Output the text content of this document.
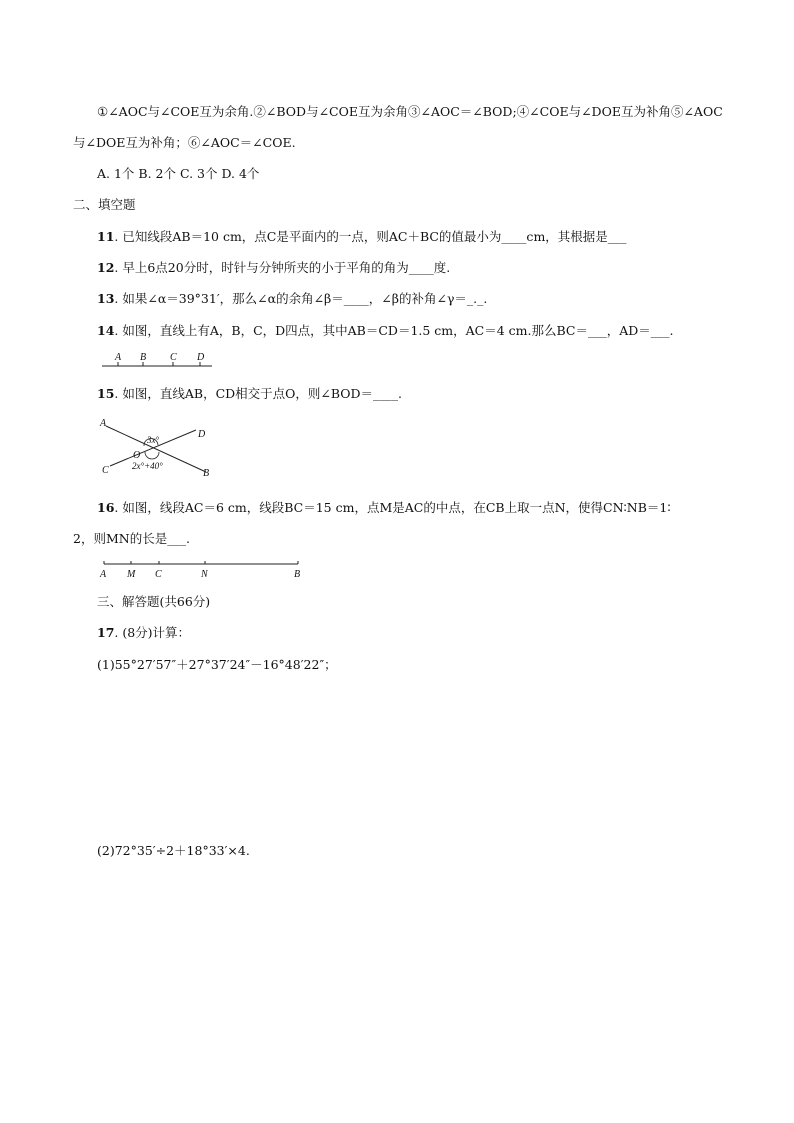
①∠AOC与∠COE互为余角.②∠BOD与∠COE互为余角③∠AOC＝∠BOD;④∠COE与∠DOE互为补角⑤∠AOC
与∠DOE互为补角；⑥∠AOC＝∠COE.
A. 1个 B. 2个 C. 3个 D. 4个
二、填空题
11. 已知线段AB＝10 cm，点C是平面内的一点，则AC＋BC的值最小为____cm，其根据是___
12. 早上6点20分时，时针与分钟所夹的小于平角的角为____度.
13. 如果∠α＝39°31′，那么∠α的余角∠β＝____，∠β的补角∠γ＝_._.
14. 如图，直线上有A，B，C，D四点，其中AB＝CD＝1.5 cm，AC＝4 cm.那么BC＝___，AD＝___.
A B C D
15. 如图，直线AB，CD相交于点O，则∠BOD＝____.
A
D
C	B
O
3x°
2x°+40°
16. 如图，线段AC＝6 cm，线段BC＝15 cm，点M是AC的中点，在CB上取一点N，使得CN∶NB＝1∶
2，则MN的长是___.
A M C	N	B
三、解答题(共66分)
17. (8分)计算：
(1)55°27′57″＋27°37′24″－16°48′22″；
(2)72°35′÷2＋18°33′×4.
